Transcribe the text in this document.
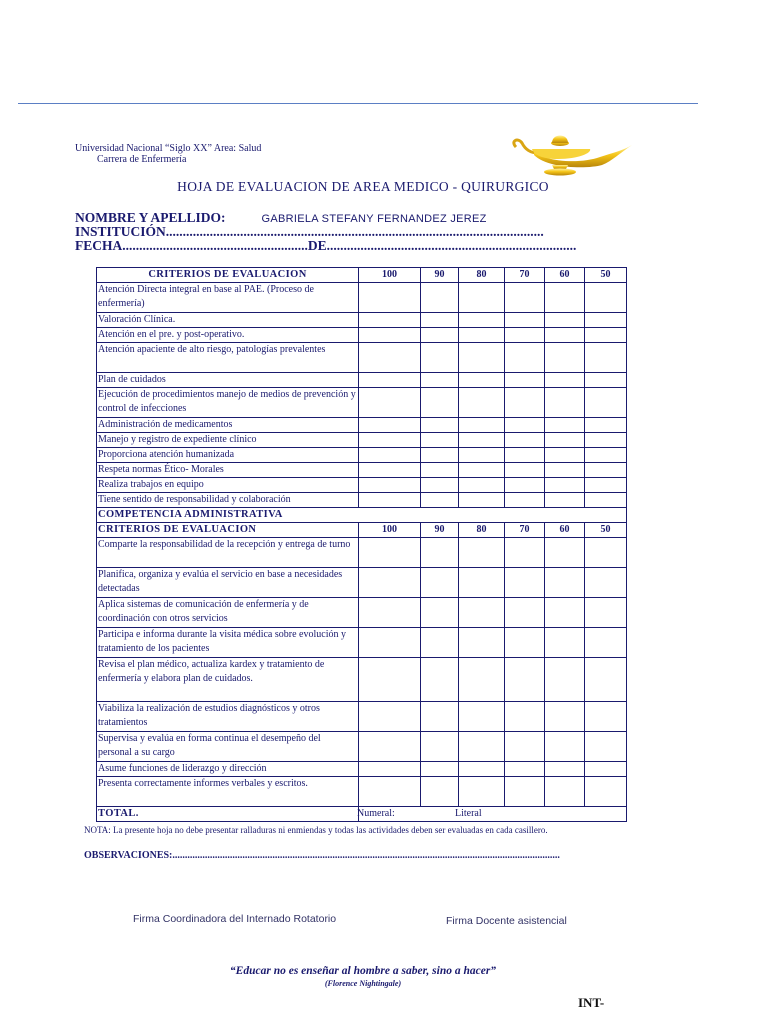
Universidad Nacional “Siglo XX” Area: Salud
Carrera de Enfermería
HOJA DE EVALUACION DE AREA MEDICO - QUIRURGICO
NOMBRE Y APELLIDO:	GABRIELA STEFANY FERNANDEZ JEREZ
INSTITUCIÓN................................................................................................................
FECHA.......................................................DE..........................................................................
CRITERIOS DE EVALUACION	100	90	80	70	60	50
Atención Directa integral en base al PAE. (Proceso de enfermería)						
Valoración Clínica.						
Atención en el pre. y post-operativo.						
Atención apaciente de alto riesgo, patologías prevalentes						
Plan de cuidados						
Ejecución de procedimientos manejo de medios de prevención y control de infecciones						
Administración de medicamentos						
Manejo y registro de expediente clínico						
Proporciona atención humanizada						
Respeta normas Ético- Morales						
Realiza trabajos en equipo						
Tiene sentido de responsabilidad y colaboración						
COMPETENCIA ADMINISTRATIVA						
CRITERIOS DE EVALUACION	100	90	80	70	60	50
Comparte la responsabilidad de la recepción y entrega de turno						
Planifica, organiza y evalúa el servicio en base a necesidades detectadas						
Aplica sistemas de comunicación de enfermería y de coordinación con otros servicios						
Participa e informa durante la visita médica sobre evolución y tratamiento de los pacientes						
Revisa el plan médico, actualiza kardex y tratamiento de enfermería y elabora plan de cuidados.						
Viabiliza la realización de estudios diagnósticos y otros tratamientos						
Supervisa y evalúa en forma continua el desempeño del personal a su cargo						
Asume funciones de liderazgo y dirección						
Presenta correctamente informes verbales y escritos.						
TOTAL.	Numeral: Literal					
NOTA: La presente hoja no debe presentar ralladuras ni enmiendas y todas las actividades deben ser evaluadas en cada casillero.
OBSERVACIONES:...........................................................................................................................................................
Firma Coordinadora del Internado Rotatorio	Firma Docente asistencial
“Educar no es enseñar al hombre a saber, sino a hacer”
(Florence Nightingale)
INT-
